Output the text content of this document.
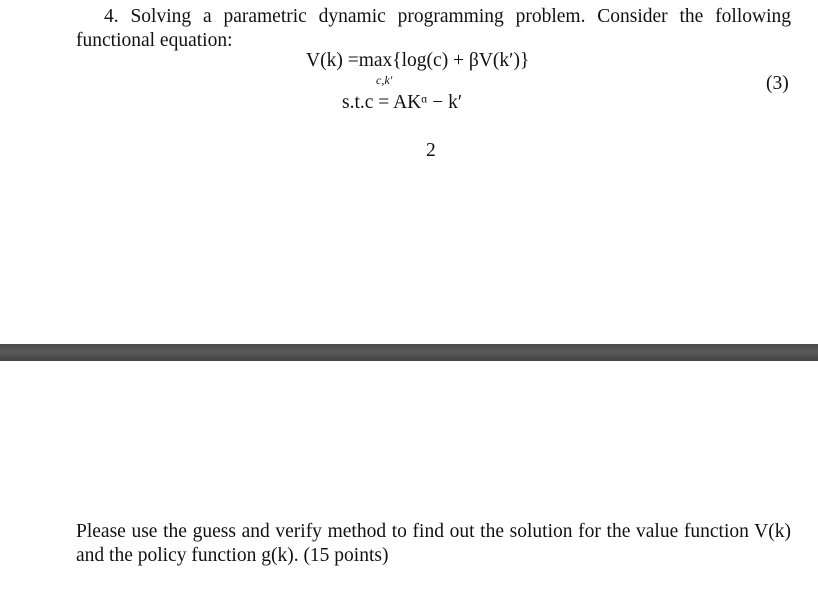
4. Solving a parametric dynamic programming problem. Consider the following functional equation:
V(k) =max{log(c) + βV(k′)}
c,k′	(3)
s.t.c = AKᵅ − k′
2
Please use the guess and verify method to find out the solution for the value function V(k) and the policy function g(k). (15 points)
